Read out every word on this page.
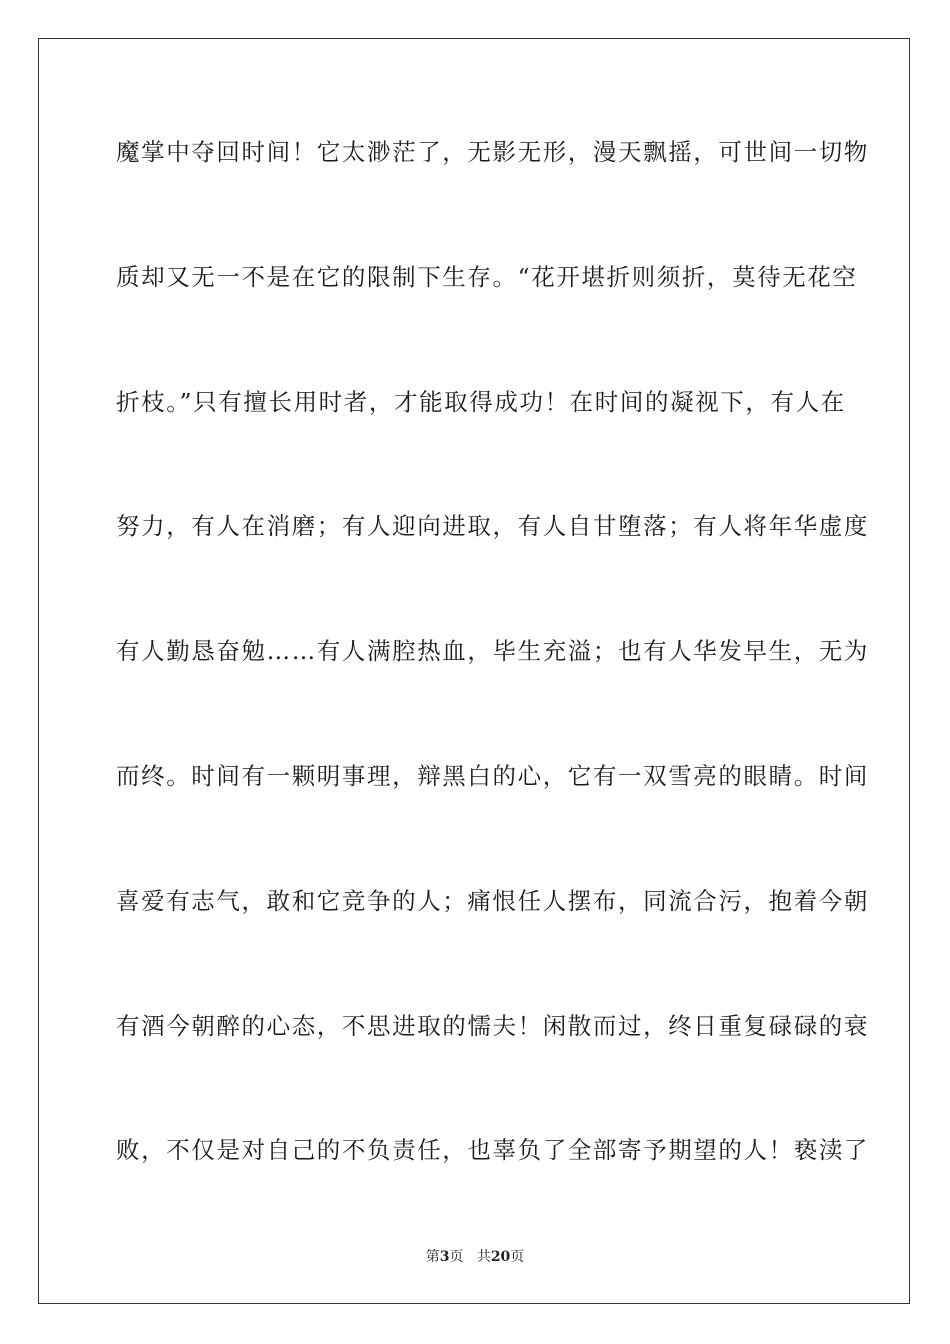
魔掌中夺回时间！它太渺茫了，无影无形，漫天飘摇，可世间一切物
质却又无一不是在它的限制下生存。“花开堪折则须折，莫待无花空
折枝。”只有擅长用时者，才能取得成功！在时间的凝视下，有人在
努力，有人在消磨；有人迎向进取，有人自甘堕落；有人将年华虚度
有人勤恳奋勉……有人满腔热血，毕生充溢；也有人华发早生，无为
而终。时间有一颗明事理，辩黑白的心，它有一双雪亮的眼睛。时间
喜爱有志气，敢和它竞争的人；痛恨任人摆布，同流合污，抱着今朝
有酒今朝醉的心态，不思进取的懦夫！闲散而过，终日重复碌碌的衰
败，不仅是对自己的不负责任，也辜负了全部寄予期望的人！亵渎了
第3页 共20页
